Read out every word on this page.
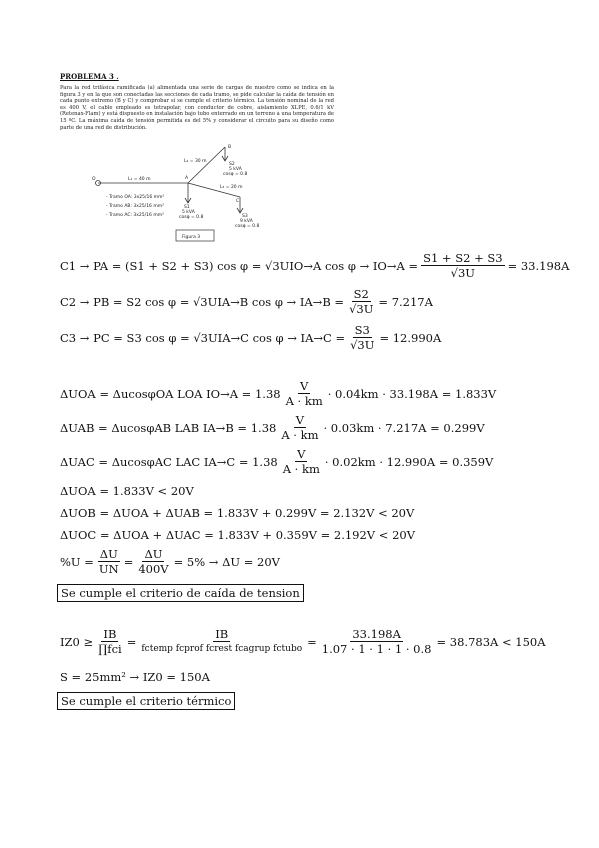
PROBLEMA 3 .
Para la red trifásica ramificada (a) alimentada una serie de cargas de nuestro como se indica en la figura 3 y en la que son conectadas las secciones de cada tramo, se pide calcular la caída de tensión en cada punto extremo (B y C) y comprobar si se cumple el criterio térmico. La tensión nominal de la red es 400 V, el cable empleado es tetrapolar, con conductor de cobre, aislamiento XLPE, 0.6/1 kV (Retenax-Flam) y está dispuesto en instalación bajo tubo enterrado en un terreno a una temperatura de 15 ºC. La máxima caída de tensión permitida es del 5% y considerar el circuito para su diseño como parte de una red de distribución.
O	A
B
C
L₁ = 40 m
L₂ = 30 m
L₃ = 20 m
S1
5 kVA
cosφ = 0.8
S2
5 kVA
cosφ = 0.8
S3
9 kVA
cosφ = 0.8
- Tramo OA: 3x25/16 mm²
- Tramo AB: 3x25/16 mm²
- Tramo AC: 3x25/16 mm²
Figura 3
C1 →
PA = (S1 + S2 + S3) cos φ = √3UIO→A $\cos \varphi \to IO\to A = \frac{S1 + S2 + S3}{√3U} = 33.198A$
C2 →
PB = S2 cos φ = √3UIA→B $\cos \varphi \to IA\to B = \frac{S2}{√3U} = 7.217A$
C3 →
PC = S3 cos φ = √3UIA→C $\cos \varphi \to IA\to C = \frac{S3}{√3U} = 12.990A$
ΔUOA = ΔucosφOA LOA $IO\to A = 1.38 \frac{V}{A \cdot km} \cdot 0.04km \cdot 33.198A = 1.833V$
ΔUAB = ΔucosφAB LAB $IA\to B = 1.38 \frac{V}{A \cdot km} \cdot 0.03km \cdot 7.217A = 0.299V$
ΔUAC = ΔucosφAC LAC $IA\to C = 1.38 \frac{V}{A \cdot km} \cdot 0.02km \cdot 12.990A = 0.359V$
ΔUOA = 1.833V < 20V
ΔUOB = ΔUOA + ΔUAB = 1.833V + 0.299V = 2.132V < 20V
ΔUOC = ΔUOA + ΔUAC = 1.833V + 0.359V = 2.192V < 20V
$\%U = \frac{\Delta U}{UN} = \frac{\Delta U}{400V} = 5\% \to \Delta U = 20V$
Se cumple el criterio de caída de tension
$IZ0 \ge \frac{IB}{\text{∏fci}} = \frac{IB}{\text{fctemp fcprof fcrest fcagrup fctubo}} = \frac{33.198A}{1.07 \cdot 1 \cdot 1 \cdot 1 \cdot 0.8} = 38.783A < 150A$
S = 25mm² → IZ0 = 150A
Se cumple el criterio térmico
